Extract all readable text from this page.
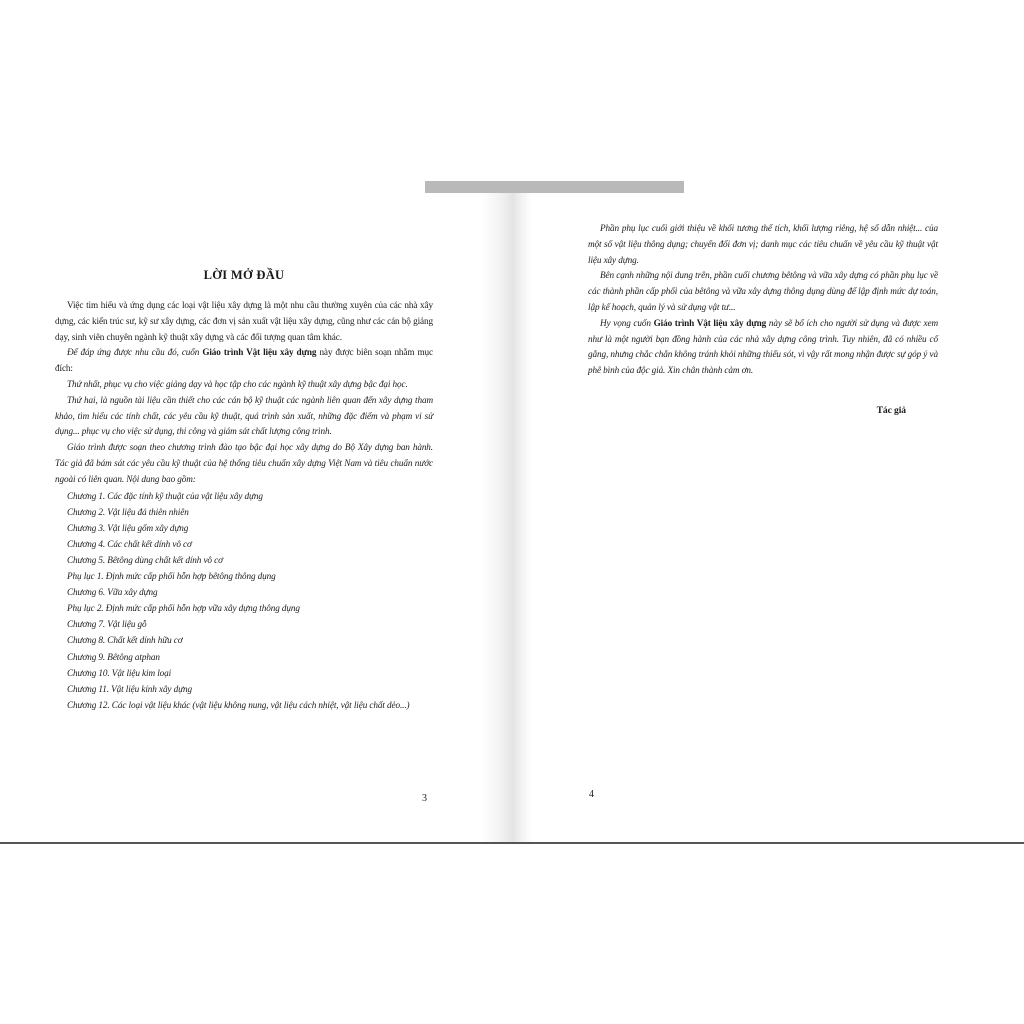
LỜI MỞ ĐẦU

Việc tìm hiểu và ứng dụng các loại vật liệu xây dựng là một nhu cầu thường xuyên của các nhà xây dựng, các kiến trúc sư, kỹ sư xây dựng, các đơn vị sản xuất vật liệu xây dựng, cũng như các cán bộ giảng dạy, sinh viên chuyên ngành kỹ thuật xây dựng và các đối tượng quan tâm khác.

Để đáp ứng được nhu cầu đó, cuốn Giáo trình Vật liệu xây dựng này được biên soạn nhằm mục đích:

Thứ nhất, phục vụ cho việc giảng dạy và học tập cho các ngành kỹ thuật xây dựng bậc đại học.

Thứ hai, là nguồn tài liệu cần thiết cho các cán bộ kỹ thuật các ngành liên quan đến xây dựng tham khảo, tìm hiểu các tính chất, các yêu cầu kỹ thuật, quá trình sản xuất, những đặc điểm và phạm vi sử dụng... phục vụ cho việc sử dụng, thi công và giám sát chất lượng công trình.

Giáo trình được soạn theo chương trình đào tạo bậc đại học xây dựng do Bộ Xây dựng ban hành. Tác giả đã bám sát các yêu cầu kỹ thuật của hệ thống tiêu chuẩn xây dựng Việt Nam và tiêu chuẩn nước ngoài có liên quan. Nội dung bao gồm:

Chương 1. Các đặc tính kỹ thuật của vật liệu xây dựng
Chương 2. Vật liệu đá thiên nhiên
Chương 3. Vật liệu gốm xây dựng
Chương 4. Các chất kết dính vô cơ
Chương 5. Bêtông dùng chất kết dính vô cơ
Phụ lục 1. Định mức cấp phối hỗn hợp bêtông thông dụng
Chương 6. Vữa xây dựng
Phụ lục 2. Định mức cấp phối hỗn hợp vữa xây dựng thông dụng
Chương 7. Vật liệu gỗ
Chương 8. Chất kết dính hữu cơ
Chương 9. Bêtông atphan
Chương 10. Vật liệu kim loại
Chương 11. Vật liệu kính xây dựng
Chương 12. Các loại vật liệu khác (vật liệu không nung, vật liệu cách nhiệt, vật liệu chất dẻo...)
3

Phần phụ lục cuối giới thiệu về khối tương thể tích, khối lượng riêng, hệ số dẫn nhiệt... của một số vật liệu thông dụng; chuyển đổi đơn vị; danh mục các tiêu chuẩn về yêu cầu kỹ thuật vật liệu xây dựng.

Bên cạnh những nội dung trên, phần cuối chương bêtông và vữa xây dựng có phần phụ lục về các thành phần cấp phối của bêtông và vữa xây dựng thông dụng dùng để lập định mức dự toán, lập kế hoạch, quản lý và sử dụng vật tư...

Hy vọng cuốn Giáo trình Vật liệu xây dựng này sẽ bổ ích cho người sử dụng và được xem như là một người bạn đồng hành của các nhà xây dựng công trình. Tuy nhiên, đã có nhiều cố gắng, nhưng chắc chắn không tránh khỏi những thiếu sót, vì vậy rất mong nhận được sự góp ý và phê bình của độc giả. Xin chân thành cảm ơn.

Tác giả
4
